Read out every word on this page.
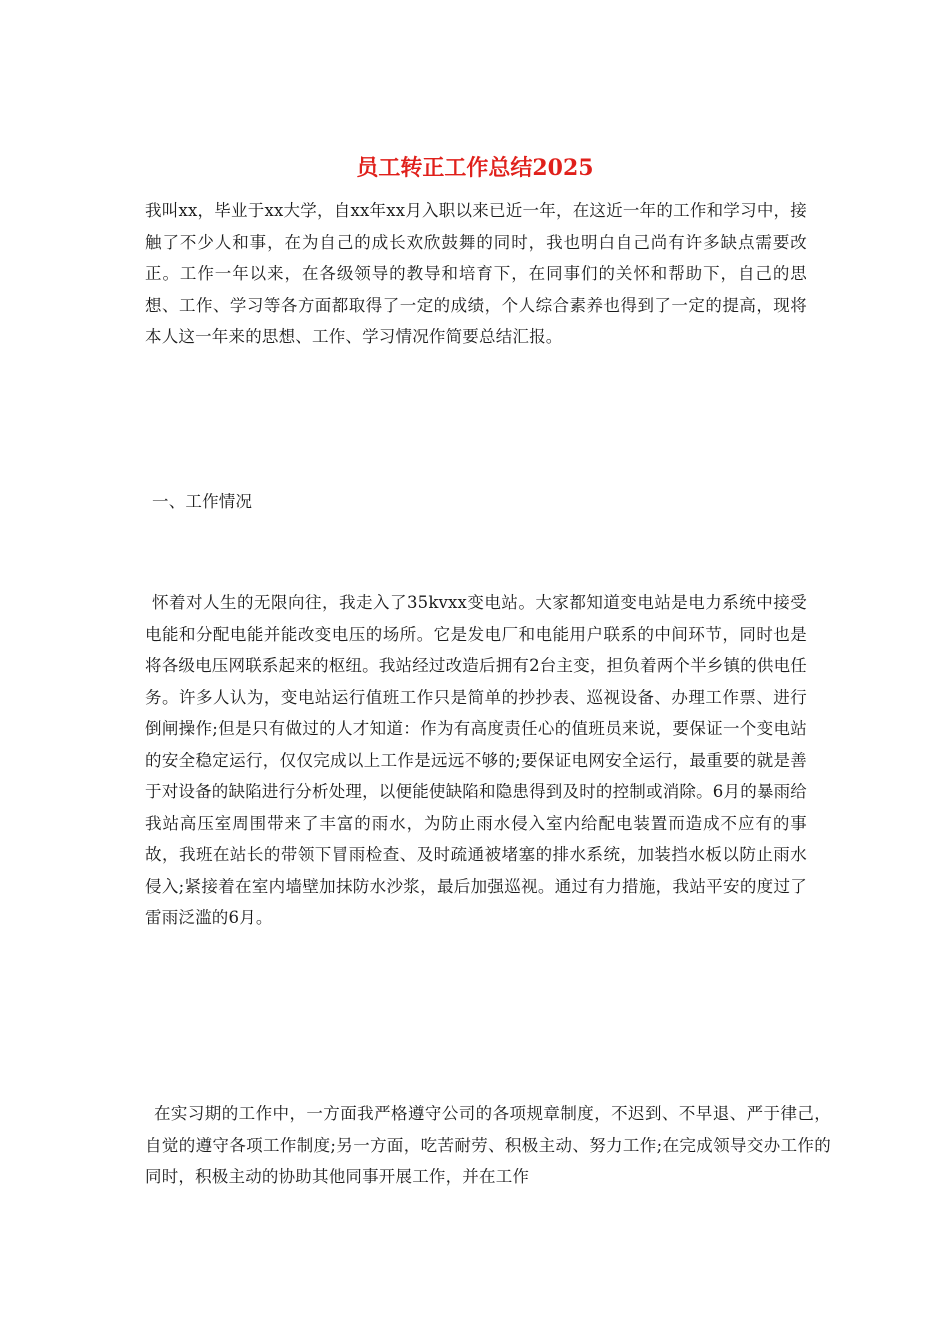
员工转正工作总结2025

我叫xx，毕业于xx大学，自xx年xx月入职以来已近一年，在这近一年的工作和学习中，接触了不少人和事，在为自己的成长欢欣鼓舞的同时，我也明白自己尚有许多缺点需要改正。工作一年以来，在各级领导的教导和培育下，在同事们的关怀和帮助下，自己的思想、工作、学习等各方面都取得了一定的成绩，个人综合素养也得到了一定的提高，现将本人这一年来的思想、工作、学习情况作简要总结汇报。

一、工作情况

怀着对人生的无限向往，我走入了35kvxx变电站。大家都知道变电站是电力系统中接受电能和分配电能并能改变电压的场所。它是发电厂和电能用户联系的中间环节，同时也是将各级电压网联系起来的枢纽。我站经过改造后拥有2台主变，担负着两个半乡镇的供电任务。许多人认为，变电站运行值班工作只是简单的抄抄表、巡视设备、办理工作票、进行倒闸操作;但是只有做过的人才知道：作为有高度责任心的值班员来说，要保证一个变电站的安全稳定运行，仅仅完成以上工作是远远不够的;要保证电网安全运行，最重要的就是善于对设备的缺陷进行分析处理，以便能使缺陷和隐患得到及时的控制或消除。6月的暴雨给我站高压室周围带来了丰富的雨水，为防止雨水侵入室内给配电装置而造成不应有的事故，我班在站长的带领下冒雨检查、及时疏通被堵塞的排水系统，加装挡水板以防止雨水侵入;紧接着在室内墙壁加抹防水沙浆，最后加强巡视。通过有力措施，我站平安的度过了雷雨泛滥的6月。

在实习期的工作中，一方面我严格遵守公司的各项规章制度，不迟到、不早退、严于律己，自觉的遵守各项工作制度;另一方面，吃苦耐劳、积极主动、努力工作;在完成领导交办工作的同时，积极主动的协助其他同事开展工作，并在工作
